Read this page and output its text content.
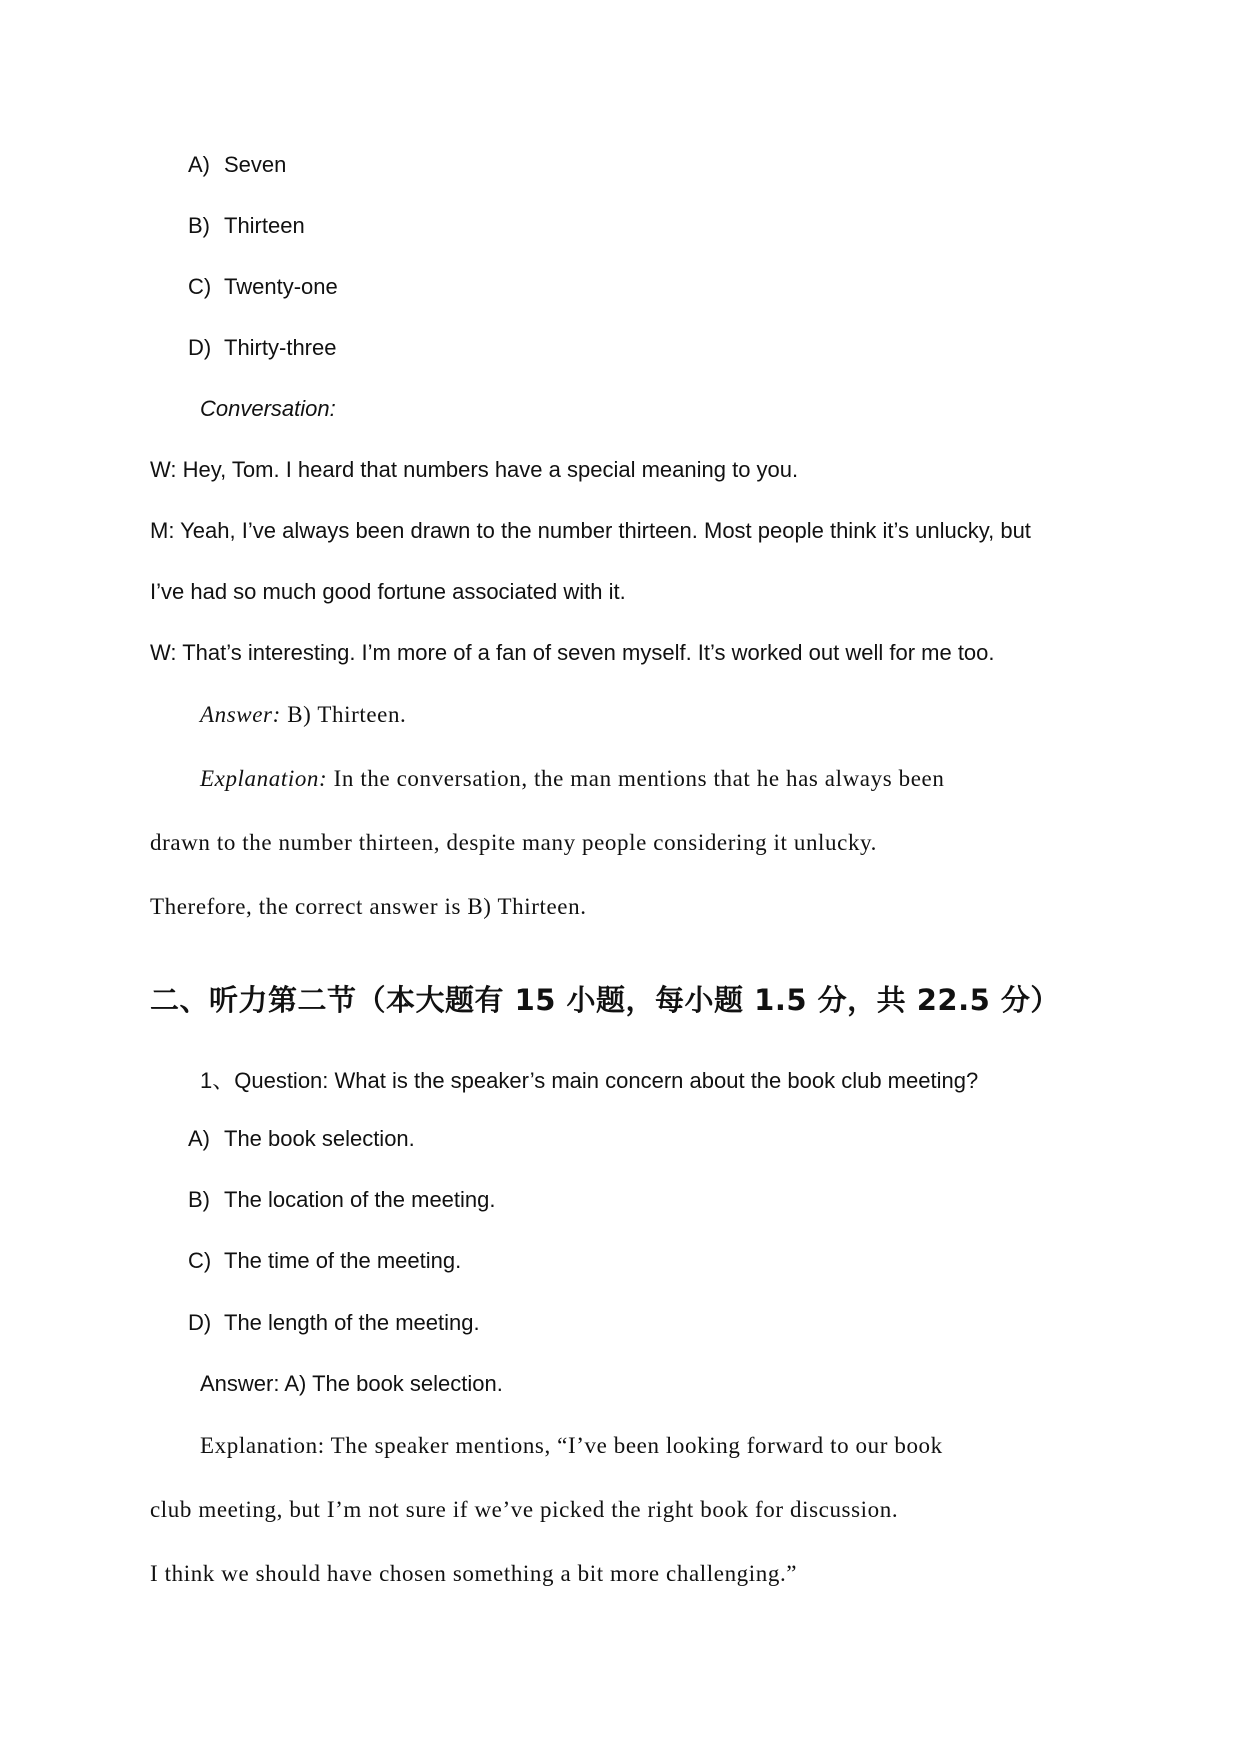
A) Seven
B) Thirteen
C) Twenty-one
D) Thirty-three
Conversation:
W: Hey, Tom. I heard that numbers have a special meaning to you.
M: Yeah, I’ve always been drawn to the number thirteen. Most people think it’s unlucky, but
I’ve had so much good fortune associated with it.
W: That’s interesting. I’m more of a fan of seven myself. It’s worked out well for me too.
Answer: B) Thirteen.
Explanation: In the conversation, the man mentions that he has always been
drawn to the number thirteen, despite many people considering it unlucky.
Therefore, the correct answer is B) Thirteen.
二、听力第二节（本大题有 15 小题，每小题 1.5 分，共 22.5 分）
1、Question: What is the speaker’s main concern about the book club meeting?
A) The book selection.
B) The location of the meeting.
C) The time of the meeting.
D) The length of the meeting.
Answer: A) The book selection.
Explanation: The speaker mentions, “I’ve been looking forward to our book
club meeting, but I’m not sure if we’ve picked the right book for discussion.
I think we should have chosen something a bit more challenging.”
